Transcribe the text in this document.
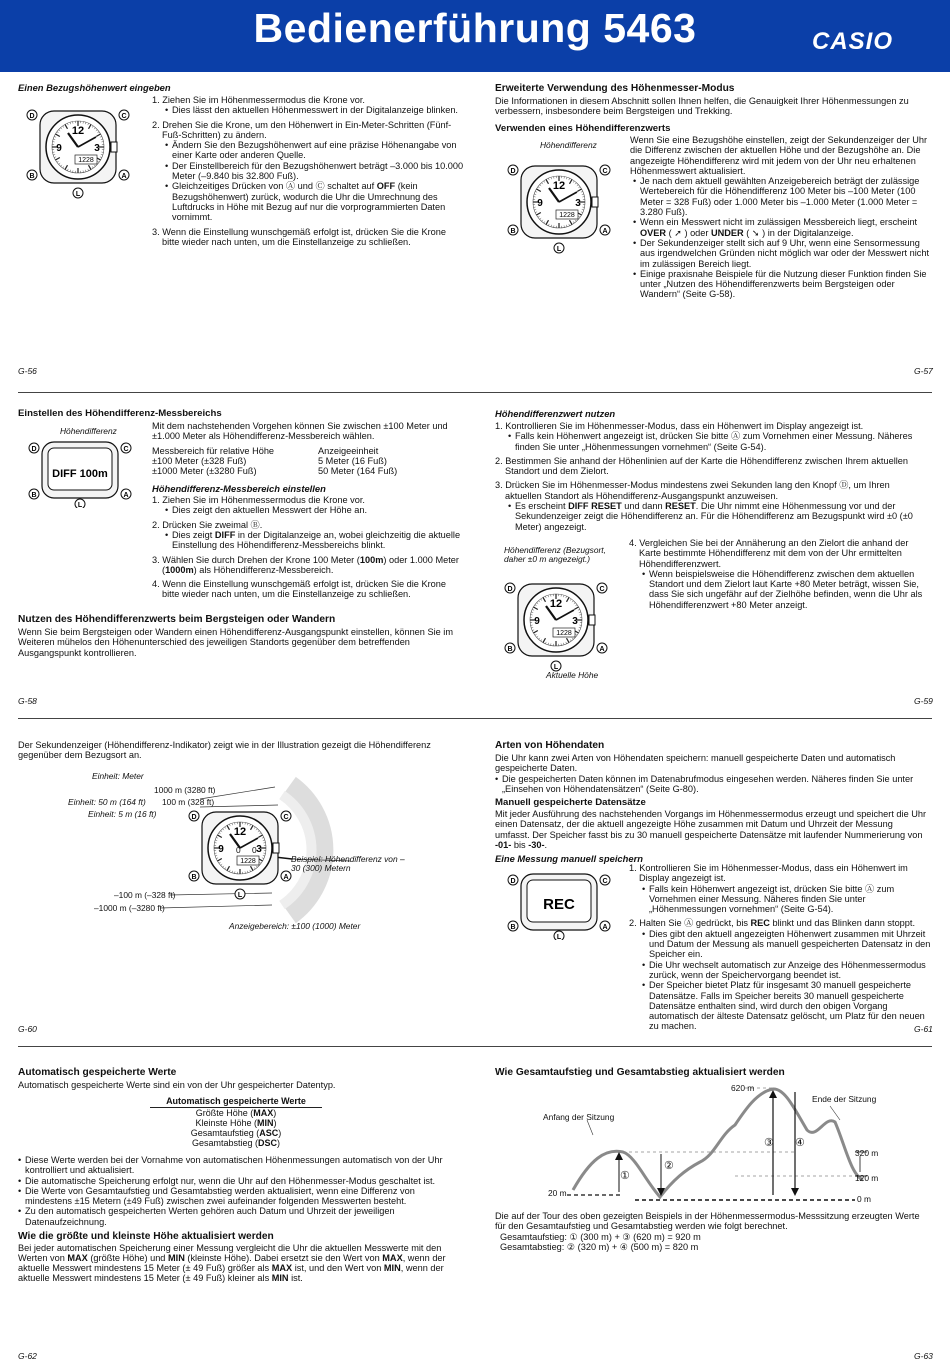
Bedienerführung 5463	CASIO
Einen Bezugshöhenwert eingeben
12
3
9
1228
D	C
B	A
L
1. Ziehen Sie im Höhenmessermodus die Krone vor.
• Dies lässt den aktuellen Höhenmesswert in der Digitalanzeige blinken.
2. Drehen Sie die Krone, um den Höhenwert in Ein-Meter-Schritten (Fünf-Fuß-Schritten) zu ändern.
• Ändern Sie den Bezugshöhenwert auf eine präzise Höhenangabe von einer Karte oder anderen Quelle.
• Der Einstellbereich für den Bezugshöhenwert beträgt –3.000 bis 10.000 Meter (–9.840 bis 32.800 Fuß).
• Gleichzeitiges Drücken von Ⓐ und Ⓒ schaltet auf OFF (kein Bezugshöhenwert) zurück, wodurch die Uhr die Umrechnung des Luftdrucks in Höhe mit Bezug auf nur die vorprogrammierten Daten vornimmt.
3. Wenn die Einstellung wunschgemäß erfolgt ist, drücken Sie die Krone bitte wieder nach unten, um die Einstellanzeige zu schließen.
G-56
Erweiterte Verwendung des Höhenmesser-Modus
Die Informationen in diesem Abschnitt sollen Ihnen helfen, die Genauigkeit Ihrer Höhenmessungen zu verbessern, insbesondere beim Bergsteigen und Trekking.
Verwenden eines Höhendifferenzwerts
Höhendifferenz
12
3
9
1228
D	C
B	A
L
Wenn Sie eine Bezugshöhe einstellen, zeigt der Sekundenzeiger der Uhr die Differenz zwischen der aktuellen Höhe und der Bezugshöhe an. Die angezeigte Höhendifferenz wird mit jedem von der Uhr neu erhaltenen Höhenmesswert aktualisiert.
• Je nach dem aktuell gewählten Anzeigebereich beträgt der zulässige Wertebereich für die Höhendifferenz 100 Meter bis –100 Meter (100 Meter = 328 Fuß) oder 1.000 Meter bis –1.000 Meter (1.000 Meter = 3.280 Fuß).
• Wenn ein Messwert nicht im zulässigen Messbereich liegt, erscheint OVER ( ➚ ) oder UNDER ( ➘ ) in der Digitalanzeige.
• Der Sekundenzeiger stellt sich auf 9 Uhr, wenn eine Sensormessung aus irgendwelchen Gründen nicht möglich war oder der Messwert nicht im zulässigen Bereich liegt.
• Einige praxisnahe Beispiele für die Nutzung dieser Funktion finden Sie unter „Nutzen des Höhendifferenzwerts beim Bergsteigen oder Wandern“ (Seite G-58).
G-57
Einstellen des Höhendifferenz-Messbereichs
Höhendifferenz
DIFF 100m
D	C
B	A
L
Mit dem nachstehenden Vorgehen können Sie zwischen ±100 Meter und ±1.000 Meter als Höhendifferenz-Messbereich wählen.
Messbereich für relative Höhe	Anzeigeeinheit
±100 Meter (±328 Fuß)	5 Meter (16 Fuß)
±1000 Meter (±3280 Fuß)	50 Meter (164 Fuß)
Höhendifferenz-Messbereich einstellen
1. Ziehen Sie im Höhenmessermodus die Krone vor.
• Dies zeigt den aktuellen Messwert der Höhe an.
2. Drücken Sie zweimal Ⓑ.
• Dies zeigt DIFF in der Digitalanzeige an, wobei gleichzeitig die aktuelle Einstellung des Höhendifferenz-Messbereichs blinkt.
3. Wählen Sie durch Drehen der Krone 100 Meter (100m) oder 1.000 Meter (1000m) als Höhendifferenz-Messbereich.
4. Wenn die Einstellung wunschgemäß erfolgt ist, drücken Sie die Krone bitte wieder nach unten, um die Einstellanzeige zu schließen.
Nutzen des Höhendifferenzwerts beim Bergsteigen oder Wandern
Wenn Sie beim Bergsteigen oder Wandern einen Höhendifferenz-Ausgangspunkt einstellen, können Sie im Weiteren mühelos den Höhenunterschied des jeweiligen Standorts gegenüber dem betreffenden Ausgangspunkt kontrollieren.
G-58
Höhendifferenzwert nutzen
1. Kontrollieren Sie im Höhenmesser-Modus, dass ein Höhenwert im Display angezeigt ist.
• Falls kein Höhenwert angezeigt ist, drücken Sie bitte Ⓐ zum Vornehmen einer Messung. Näheres finden Sie unter „Höhenmessungen vornehmen“ (Seite G-54).
2. Bestimmen Sie anhand der Höhenlinien auf der Karte die Höhendifferenz zwischen Ihrem aktuellen Standort und dem Zielort.
3. Drücken Sie im Höhenmesser-Modus mindestens zwei Sekunden lang den Knopf Ⓓ, um Ihren aktuellen Standort als Höhendifferenz-Ausgangspunkt anzuweisen.
• Es erscheint DIFF RESET und dann RESET. Die Uhr nimmt eine Höhenmessung vor und der Sekundenzeiger zeigt die Höhendifferenz an. Für die Höhendifferenz am Bezugspunkt wird ±0 (±0 Meter) angezeigt.
Höhendifferenz (Bezugsort, daher ±0 m angezeigt.)
12
3
9
1228
D	C
B	A
L
Aktuelle Höhe
4. Vergleichen Sie bei der Annäherung an den Zielort die anhand der Karte bestimmte Höhendifferenz mit dem von der Uhr ermittelten Höhendifferenzwert.
• Wenn beispielsweise die Höhendifferenz zwischen dem aktuellen Standort und dem Zielort laut Karte +80 Meter beträgt, wissen Sie, dass Sie sich ungefähr auf der Zielhöhe befinden, wenn die Uhr als Höhendifferenzwert +80 Meter anzeigt.
G-59
Der Sekundenzeiger (Höhendifferenz-Indikator) zeigt wie in der Illustration gezeigt die Höhendifferenz gegenüber dem Bezugsort an.
12
3
9
1228
D	C
B	A
L
Einheit: Meter
1000 m (3280 ft)
Einheit: 50 m (164 ft) 100 m (328 ft)
Einheit: 5 m (16 ft)
0 0
Beispiel: Höhendifferenz von –30 (300) Metern
–100 m (–328 ft)
–1000 m (–3280 ft)
Anzeigebereich: ±100 (1000) Meter
G-60
Arten von Höhendaten
Die Uhr kann zwei Arten von Höhendaten speichern: manuell gespeicherte Daten und automatisch gespeicherte Daten.
• Die gespeicherten Daten können im Datenabrufmodus eingesehen werden. Näheres finden Sie unter „Einsehen von Höhendatensätzen“ (Seite G-80).
Manuell gespeicherte Datensätze
Mit jeder Ausführung des nachstehenden Vorgangs im Höhenmessermodus erzeugt und speichert die Uhr einen Datensatz, der die aktuell angezeigte Höhe zusammen mit Datum und Uhrzeit der Messung umfasst. Der Speicher fasst bis zu 30 manuell gespeicherte Datensätze mit laufender Nummerierung von -01- bis -30-.
Eine Messung manuell speichern
REC
D	C
B	A
L
1. Kontrollieren Sie im Höhenmesser-Modus, dass ein Höhenwert im Display angezeigt ist.
• Falls kein Höhenwert angezeigt ist, drücken Sie bitte Ⓐ zum Vornehmen einer Messung. Näheres finden Sie unter „Höhenmessungen vornehmen“ (Seite G-54).
2. Halten Sie Ⓐ gedrückt, bis REC blinkt und das Blinken dann stoppt.
• Dies gibt den aktuell angezeigten Höhenwert zusammen mit Uhrzeit und Datum der Messung als manuell gespeicherten Datensatz in den Speicher ein.
• Die Uhr wechselt automatisch zur Anzeige des Höhenmessermodus zurück, wenn der Speichervorgang beendet ist.
• Der Speicher bietet Platz für insgesamt 30 manuell gespeicherte Datensätze. Falls im Speicher bereits 30 manuell gespeicherte Datensätze enthalten sind, wird durch den obigen Vorgang automatisch der älteste Datensatz gelöscht, um Platz für den neuen zu machen.	G-61
Automatisch gespeicherte Werte
Automatisch gespeicherte Werte sind ein von der Uhr gespeicherter Datentyp.
Automatisch gespeicherte Werte
Größte Höhe (MAX)
Kleinste Höhe (MIN)
Gesamtaufstieg (ASC)
Gesamtabstieg (DSC)
• Diese Werte werden bei der Vornahme von automatischen Höhenmessungen automatisch von der Uhr kontrolliert und aktualisiert.
• Die automatische Speicherung erfolgt nur, wenn die Uhr auf den Höhenmesser-Modus geschaltet ist.
• Die Werte von Gesamtaufstieg und Gesamtabstieg werden aktualisiert, wenn eine Differenz von mindestens ±15 Metern (±49 Fuß) zwischen zwei aufeinander folgenden Messwerten besteht.
• Zu den automatisch gespeicherten Werten gehören auch Datum und Uhrzeit der jeweiligen Datenaufzeichnung.
Wie die größte und kleinste Höhe aktualisiert werden
Bei jeder automatischen Speicherung einer Messung vergleicht die Uhr die aktuellen Messwerte mit den Werten von MAX (größte Höhe) und MIN (kleinste Höhe). Dabei ersetzt sie den Wert von MAX, wenn der aktuelle Messwert mindestens 15 Meter (± 49 Fuß) größer als MAX ist, und den Wert von MIN, wenn der aktuelle Messwert mindestens 15 Meter (± 49 Fuß) kleiner als MIN ist.
G-62
Wie Gesamtaufstieg und Gesamtabstieg aktualisiert werden
Anfang der Sitzung
Ende der Sitzung
620 m
320 m
120 m
0 m
20 m
①
②
③ ④
Die auf der Tour des oben gezeigten Beispiels in der Höhenmessermodus-Messsitzung erzeugten Werte für den Gesamtaufstieg und Gesamtabstieg werden wie folgt berechnet.
Gesamtaufstieg: ① (300 m) + ③ (620 m) = 920 m
Gesamtabstieg: ② (320 m) + ④ (500 m) = 820 m
G-63
